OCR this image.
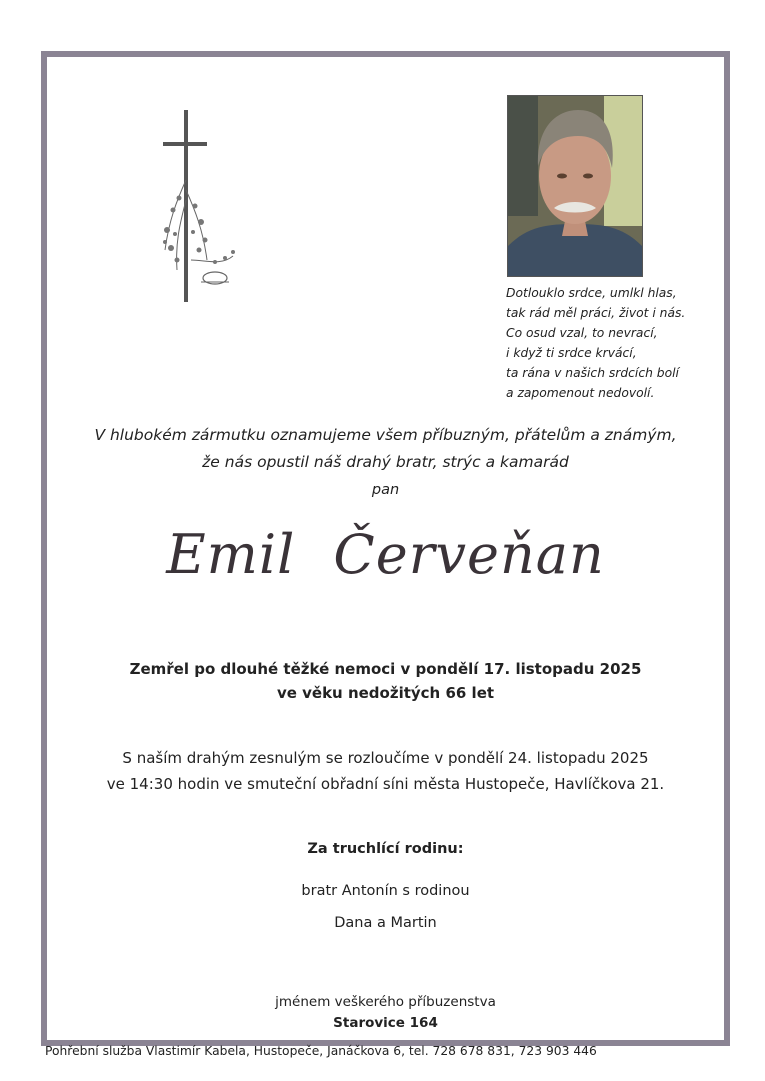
Dotlouklo srdce, umlkl hlas,
tak rád měl práci, život i nás.
Co osud vzal, to nevrací,
i když ti srdce krvácí,
ta rána v našich srdcích bolí
a zapomenout nedovolí.
V hlubokém zármutku oznamujeme všem příbuzným, přátelům a známým,
že nás opustil náš drahý bratr, strýc a kamarád
pan
Emil Červeňan
Zemřel po dlouhé těžké nemoci v pondělí 17. listopadu 2025
ve věku nedožitých 66 let
S naším drahým zesnulým se rozloučíme v pondělí 24. listopadu 2025
ve 14:30 hodin ve smuteční obřadní síni města Hustopeče, Havlíčkova 21.
Za truchlící rodinu:
bratr Antonín s rodinou
Dana a Martin
jménem veškerého příbuzenstva
Starovice 164
Pohřební služba Vlastimír Kabela, Hustopeče, Janáčkova 6, tel. 728 678 831, 723 903 446
